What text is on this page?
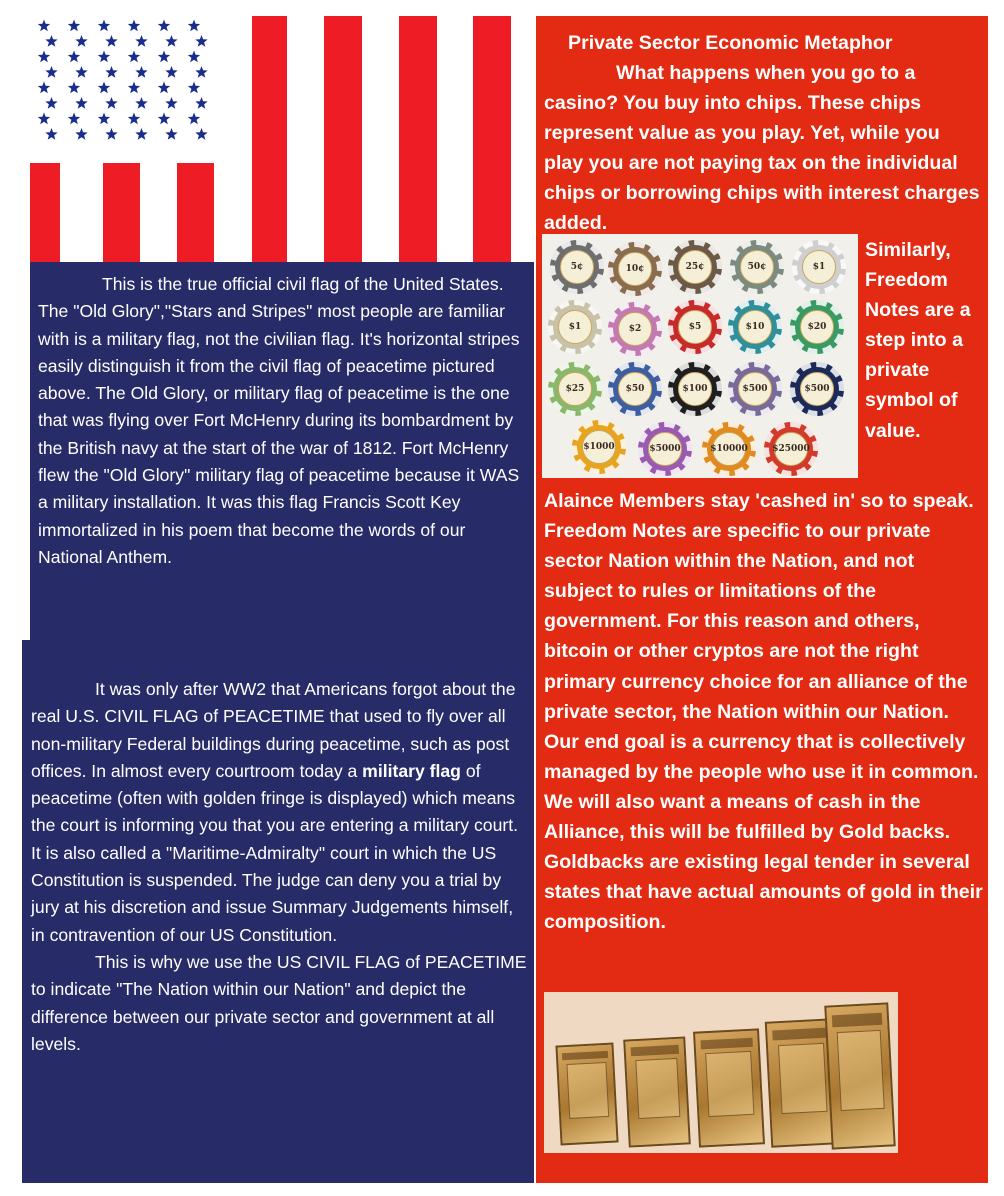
This is the true official civil flag of the United States. The "Old Glory","Stars and Stripes" most people are familiar with is a military flag, not the civilian flag. It's horizontal stripes easily distinguish it from the civil flag of peacetime pictured above. The Old Glory, or military flag of peacetime is the one that was flying over Fort McHenry during its bombardment by the British navy at the start of the war of 1812. Fort McHenry flew the "Old Glory" military flag of peacetime because it WAS a military installation. It was this flag Francis Scott Key immortalized in his poem that become the words of our National Anthem.

It was only after WW2 that Americans forgot about the real U.S. CIVIL FLAG of PEACETIME that used to fly over all non-military Federal buildings during peacetime, such as post offices. In almost every courtroom today a military flag of peacetime (often with golden fringe is displayed) which means the court is informing you that you are entering a military court. It is also called a "Maritime-Admiralty" court in which the US Constitution is suspended. The judge can deny you a trial by jury at his discretion and issue Summary Judgements himself, in contravention of our US Constitution.
This is why we use the US CIVIL FLAG of PEACETIME to indicate "The Nation within our Nation" and depict the difference between our private sector and government at all levels.

Private Sector Economic Metaphor

What happens when you go to a casino? You buy into chips. These chips represent value as you play. Yet, while you play you are not paying tax on the individual chips or borrowing chips with interest charges added.

5¢	10¢	25¢	50¢	$1
$1	$2	$5	$10	$20
$25	$50	$100	$500	$500
$1000	$5000	$10000	$25000

Similarly, Freedom Notes are a step into a private symbol of value.

Alaince Members stay 'cashed in' so to speak. Freedom Notes are specific to our private sector Nation within the Nation, and not subject to rules or limitations of the government. For this reason and others, bitcoin or other cryptos are not the right primary currency choice for an alliance of the private sector, the Nation within our Nation. Our end goal is a currency that is collectively managed by the people who use it in common. We will also want a means of cash in the Alliance, this will be fulfilled by Gold backs. Goldbacks are existing legal tender in several states that have actual amounts of gold in their composition.
